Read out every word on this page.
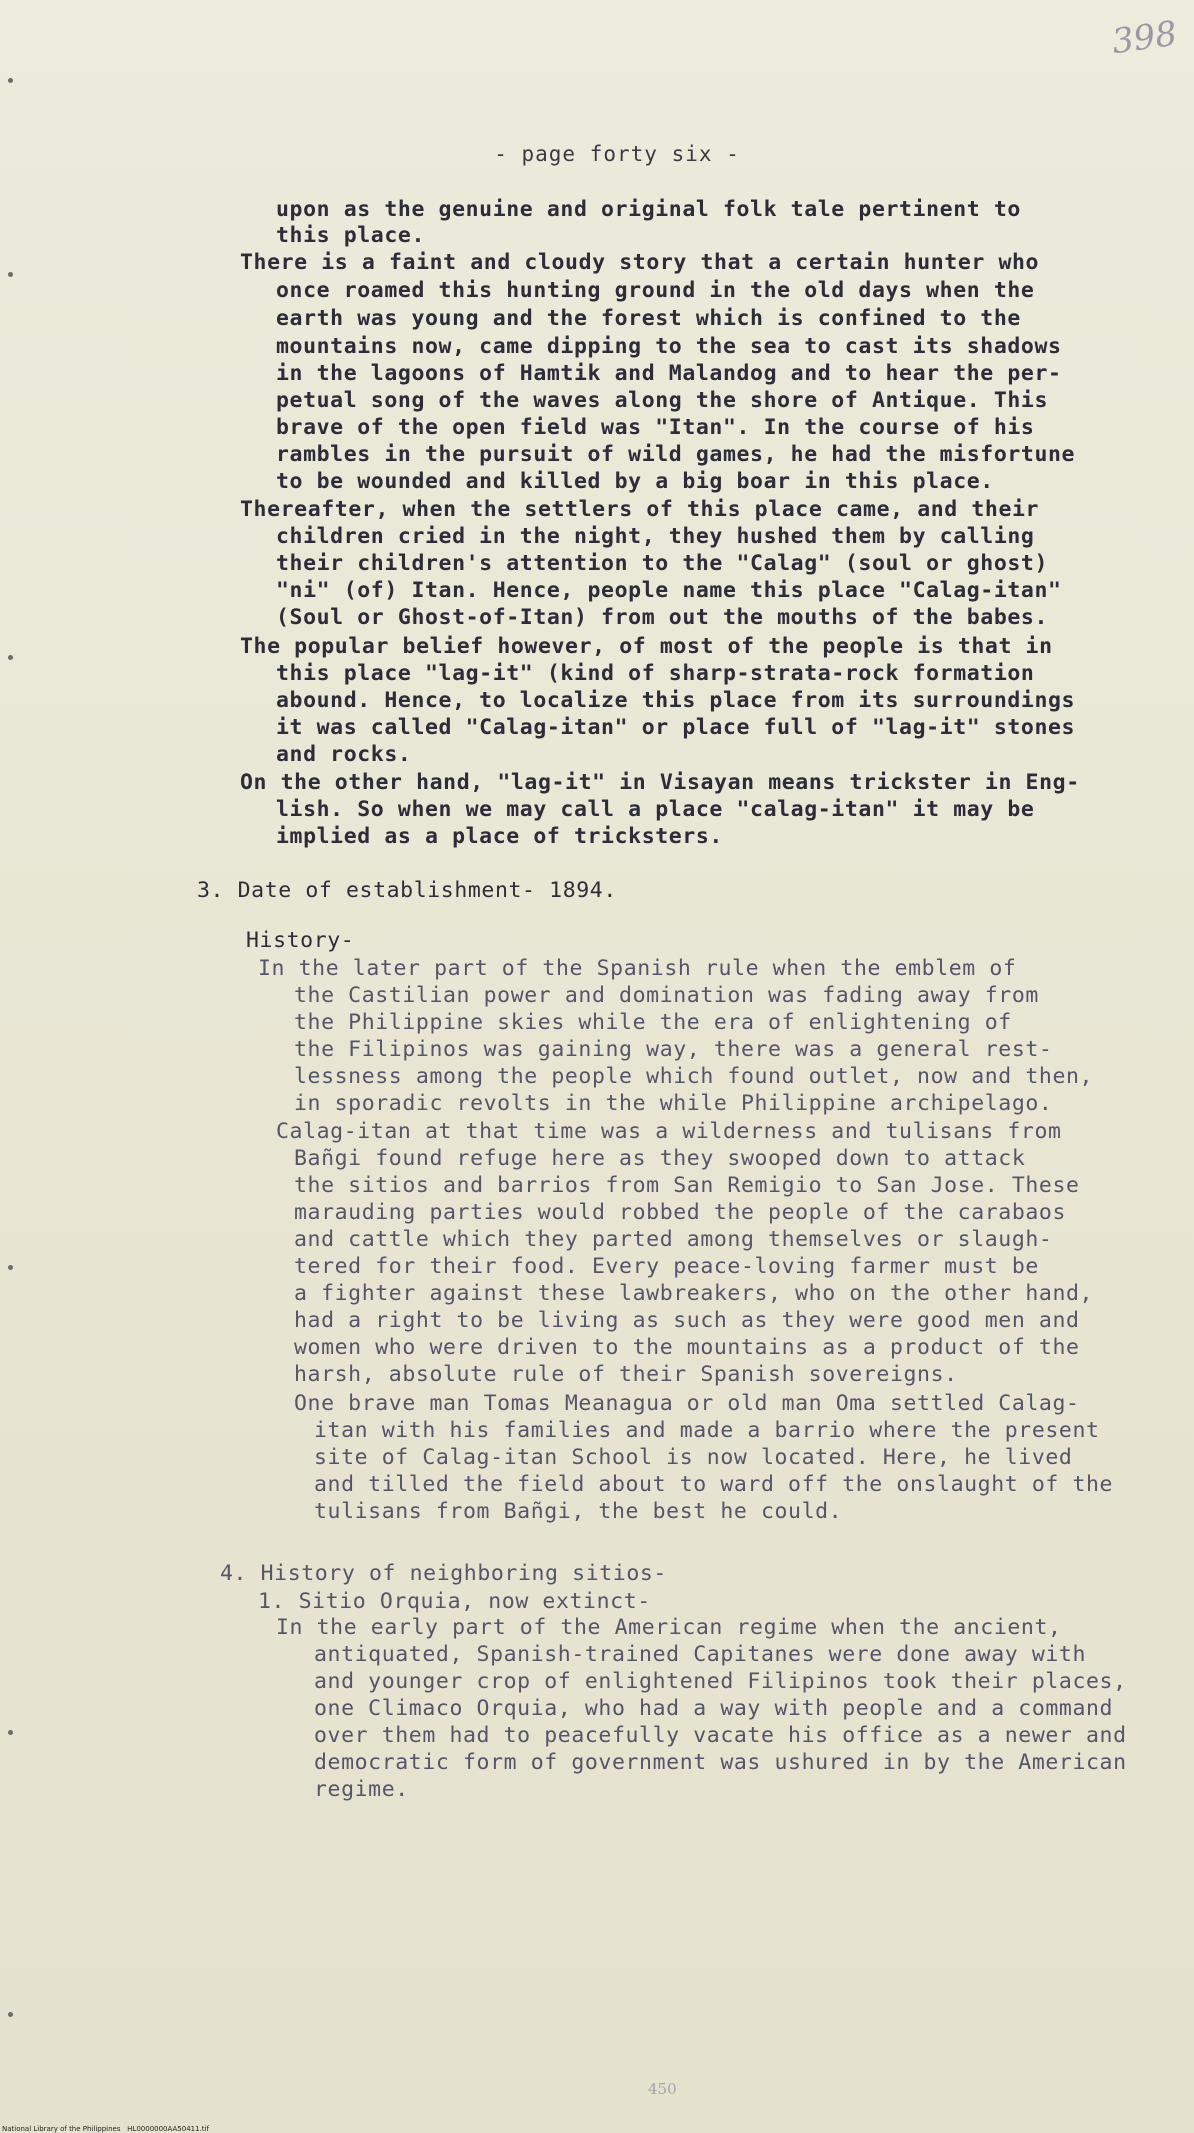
398
- page forty six -
upon as the genuine and original folk tale pertinent to
this place.
There is a faint and cloudy story that a certain hunter who
once roamed this hunting ground in the old days when the
earth was young and the forest which is confined to the
mountains now, came dipping to the sea to cast its shadows
in the lagoons of Hamtik and Malandog and to hear the per-
petual song of the waves along the shore of Antique. This
brave of the open field was "Itan". In the course of his
rambles in the pursuit of wild games, he had the misfortune
to be wounded and killed by a big boar in this place.
Thereafter, when the settlers of this place came, and their
children cried in the night, they hushed them by calling
their children's attention to the "Calag" (soul or ghost)
"ni" (of) Itan. Hence, people name this place "Calag-itan"
(Soul or Ghost-of-Itan) from out the mouths of the babes.
The popular belief however, of most of the people is that in
this place "lag-it" (kind of sharp-strata-rock formation
abound. Hence, to localize this place from its surroundings
it was called "Calag-itan" or place full of "lag-it" stones
and rocks.
On the other hand, "lag-it" in Visayan means trickster in Eng-
lish. So when we may call a place "calag-itan" it may be
implied as a place of tricksters.
3. Date of establishment- 1894.
History-
In the later part of the Spanish rule when the emblem of
the Castilian power and domination was fading away from
the Philippine skies while the era of enlightening of
the Filipinos was gaining way, there was a general rest-
lessness among the people which found outlet, now and then,
in sporadic revolts in the while Philippine archipelago.
Calag-itan at that time was a wilderness and tulisans from
Bañgi found refuge here as they swooped down to attack
the sitios and barrios from San Remigio to San Jose. These
marauding parties would robbed the people of the carabaos
and cattle which they parted among themselves or slaugh-
tered for their food. Every peace-loving farmer must be
a fighter against these lawbreakers, who on the other hand,
had a right to be living as such as they were good men and
women who were driven to the mountains as a product of the
harsh, absolute rule of their Spanish sovereigns.
One brave man Tomas Meanagua or old man Oma settled Calag-
itan with his families and made a barrio where the present
site of Calag-itan School is now located. Here, he lived
and tilled the field about to ward off the onslaught of the
tulisans from Bañgi, the best he could.
4. History of neighboring sitios-
1. Sitio Orquia, now extinct-
In the early part of the American regime when the ancient,
antiquated, Spanish-trained Capitanes were done away with
and younger crop of enlightened Filipinos took their places,
one Climaco Orquia, who had a way with people and a command
over them had to peacefully vacate his office as a newer and
democratic form of government was ushured in by the American
regime.
450
National Library of the Philippines   HL0000000AA50411.tif
